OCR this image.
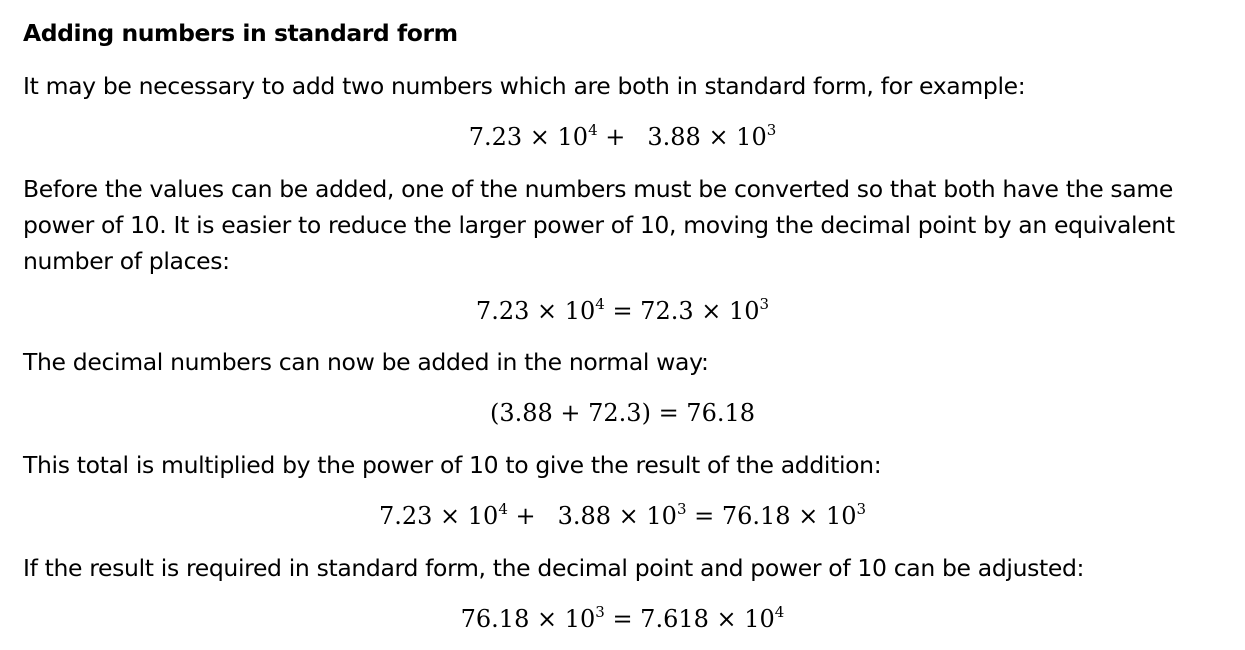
Adding numbers in standard form
It may be necessary to add two numbers which are both in standard form, for example:
$7.23 \times 10^4 + 3.88 \times 10^3$
Before the values can be added, one of the numbers must be converted so that both have the same
power of 10. It is easier to reduce the larger power of 10, moving the decimal point by an equivalent
number of places:
$7.23 \times 10^4 = 72.3 \times 10^3$
The decimal numbers can now be added in the normal way:
(3.88 + 72.3) = 76.18
This total is multiplied by the power of 10 to give the result of the addition:
$7.23 \times 10^4 + 3.88 \times 10^3 = 76.18 \times 10^3$
If the result is required in standard form, the decimal point and power of 10 can be adjusted:
$76.18 \times 10^3 = 7.618 \times 10^4$
